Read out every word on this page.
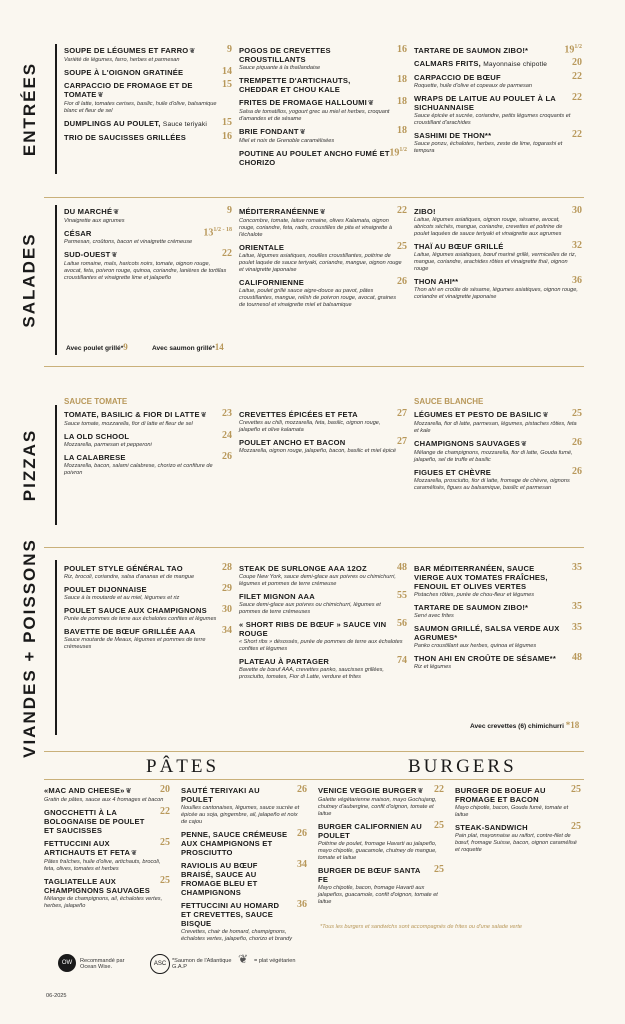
ENTRÉES
SOUPE DE LÉGUMES ET FARRO❦	9
Variété de légumes, farro, herbes et parmesan
SOUPE À L'OIGNON GRATINÉE	14
CARPACCIO DE FROMAGE ET DE TOMATE❦
15
Fior di latte, tomates cerises, basilic, huile d'olive, balsamique blanc et fleur de sel
DUMPLINGS AU POULET, Sauce teriyaki	15
TRIO DE SAUCISSES GRILLÉES	16
POGOS DE CREVETTES CROUSTILLANTS
16
Sauce piquante à la thaïlandaise
TREMPETTE D'ARTICHAUTS, CHEDDAR ET CHOU KALE
18
FRITES DE FROMAGE HALLOUMI❦	18
Salsa de tomatillos, yogourt grec au miel et herbes, croquant d'amandes et de sésame
BRIE FONDANT❦	18
Miel et noix de Grenoble caramélisées
POUTINE AU POULET ANCHO FUMÉ ET CHORIZO
$19^{1/2}$
TARTARE DE SAUMON ZIBO!*	$19^{1/2}$
CALMARS FRITS, Mayonnaise chipotle	20
CARPACCIO DE BŒUF	22
Roquette, huile d'olive et copeaux de parmesan
WRAPS DE LAITUE AU POULET À LA SICHUANNAISE
22
Sauce épicée et sucrée, coriandre, petits légumes croquants et croustillant d'arachides
SASHIMI DE THON**	22
Sauce ponzu, échalotes, herbes, zeste de lime, togarashi et tempura
SALADES
DU MARCHÉ❦	9
Vinaigrette aux agrumes
CÉSAR	$13^{1/2 - 18}$
Parmesan, croûtons, bacon et vinaigrette crémeuse
SUD-OUEST❦	22
Laitue romaine, maïs, haricots noirs, tomate, oignon rouge, avocat, feta, poivron rouge, quinoa, coriandre, lanières de tortillas croustillantes et vinaigrette lime et jalapeño
MÉDITERRANÉENNE❦	22
Concombre, tomate, laitue romaine, olives Kalamata, oignon rouge, coriandre, feta, radis, croustilles de pita et vinaigrette à l'échalote
ORIENTALE	25
Laitue, légumes asiatiques, nouilles croustillantes, poitrine de poulet laquée de sauce teriyaki, coriandre, mangue, oignon rouge et vinaigrette japonaise
CALIFORNIENNE	26
Laitue, poulet grillé sauce aigre-douce au pavot, pâtes croustillantes, mangue, relish de poivron rouge, avocat, graines de tournesol et vinaigrette miel et balsamique
ZIBO!	30
Laitue, légumes asiatiques, oignon rouge, sésame, avocat, abricots séchés, mangue, coriandre, crevettes et poitrine de poulet laquées de sauce teriyaki et vinaigrette aux agrumes
THAÏ AU BŒUF GRILLÉ	32
Laitue, légumes asiatiques, bœuf mariné grillé, vermicelles de riz, mangue, coriandre, arachides rôties et vinaigrette thaï, oignon rouge
THON AHI**	36
Thon ahi en croûte de sésame, légumes asiatiques, oignon rouge, coriandre et vinaigrette japonaise
Avec poulet grillé*9	Avec saumon grillé*14
PIZZAS
SAUCE TOMATE
TOMATE, BASILIC & FIOR DI LATTE❦	23
Sauce tomate, mozzarella, fior di latte et fleur de sel
LA OLD SCHOOL	24
Mozzarella, parmesan et pepperoni
LA CALABRESE	26
Mozzarella, bacon, salami calabrese, chorizo et confiture de poivron
CREVETTES ÉPICÉES ET FETA	27
Crevettes au chili, mozzarella, feta, basilic, oignon rouge, jalapeño et olive kalamata
POULET ANCHO ET BACON	27
Mozzarella, oignon rouge, jalapeño, bacon, basilic et miel épicé
SAUCE BLANCHE
LÉGUMES ET PESTO DE BASILIC❦	25
Mozzarella, fior di latte, parmesan, légumes, pistaches rôties, feta et kale
CHAMPIGNONS SAUVAGES❦	26
Mélange de champignons, mozzarella, fior di latte, Gouda fumé, jalapeño, sel de truffe et basilic
FIGUES ET CHÈVRE	26
Mozzarella, prosciutto, fior di latte, fromage de chèvre, oignons caramélisés, figues au balsamique, basilic et parmesan
VIANDES + POISSONS	POULET STYLE GÉNÉRAL TAO	28
Riz, brocoli, coriandre, salsa d'ananas et de mangue
POULET DIJONNAISE	29
Sauce à la moutarde et au miel, légumes et riz
POULET SAUCE AUX CHAMPIGNONS	30
Purée de pommes de terre aux échalotes confites et légumes
BAVETTE DE BŒUF GRILLÉE AAA	34
Sauce moutarde de Meaux, légumes et pommes de terre crémeuses
STEAK DE SURLONGE AAA 12OZ	48
Coupe New York, sauce demi-glace aux poivres ou chimichurri, légumes et pommes de terre crémeuse
FILET MIGNON AAA	55
Sauce demi-glace aux poivres ou chimichurri, légumes et pommes de terre crémeuses
« SHORT RIBS DE BŒUF » SAUCE VIN ROUGE
56
« Short ribs » désossés, purée de pommes de terre aux échalotes confites et légumes
PLATEAU À PARTAGER	74
Bavette de bœuf AAA, crevettes panko, saucisses grillées, prosciutto, tomates, Fior di Latte, verdure et frites
BAR MÉDITERRANÉEN, SAUCE VIERGE AUX TOMATES FRAÎCHES, FENOUIL ET OLIVES VERTES
35
Pistaches rôties, purée de chou-fleur et légumes
TARTARE DE SAUMON ZIBO!*	35
Servi avec frites
SAUMON GRILLÉ, SALSA VERDE AUX AGRUMES*
35
Panko croustillant aux herbes, quinoa et légumes
THON AHI EN CROÛTE DE SÉSAME**	48
Riz et légumes
Avec crevettes (6) chimichurri *18
PÂTES	BURGERS
«MAC AND CHEESE»❦	20
Gratin de pâtes, sauce aux 4 fromages et bacon
GNOCCHETTI À LA BOLOGNAISE DE POULET ET SAUCISSES
22
FETTUCCINI AUX ARTICHAUTS ET FETA❦
25
Pâtes fraîches, huile d'olive, artichauts, brocoli, feta, olives, tomates et herbes
TAGLIATELLE AUX CHAMPIGNONS SAUVAGES
25
Mélange de champignons, ail, échalotes vertes, herbes, jalapeño
SAUTÉ TERIYAKI AU POULET
26
Nouilles cantonaises, légumes, sauce sucrée et épicée au soja, gingembre, ail, jalapeño et noix de cajou
PENNE, SAUCE CRÉMEUSE AUX CHAMPIGNONS ET PROSCIUTTO
26
RAVIOLIS AU BŒUF BRAISÉ, SAUCE AU FROMAGE BLEU ET CHAMPIGNONS
34
FETTUCCINI AU HOMARD ET CREVETTES, SAUCE BISQUE
36
Crevettes, chair de homard, champignons, échalotes vertes, jalapeño, chorizo et brandy
VENICE VEGGIE BURGER❦	22
Galette végétarienne maison, mayo Gochujang, chutney d'aubergine, confit d'oignon, tomate et laitue
BURGER CALIFORNIEN AU POULET
25
Poitrine de poulet, fromage Havarti au jalapeño, mayo chipotle, guacamole, chutney de mangue, tomate et laitue
BURGER DE BŒUF SANTA FE
25
Mayo chipotle, bacon, fromage Havarti aux jalapeños, guacamole, confit d'oignon, tomate et laitue
BURGER DE BOEUF AU FROMAGE ET BACON
25
Mayo chipotle, bacon, Gouda fumé, tomate et laitue
STEAK-SANDWICH	25
Pain plat, mayonnaise au raifort, contre-filet de bœuf, fromage Suisse, bacon, oignon caramélisé et roquette
*Tous les burgers et sandwichs sont accompagnés de frites ou d'une salade verte
OW	Recommandé par Ocean Wise.	ASC	*Saumon de l'Atlantique G.A.P
❦ = plat végétarien
06-2025
